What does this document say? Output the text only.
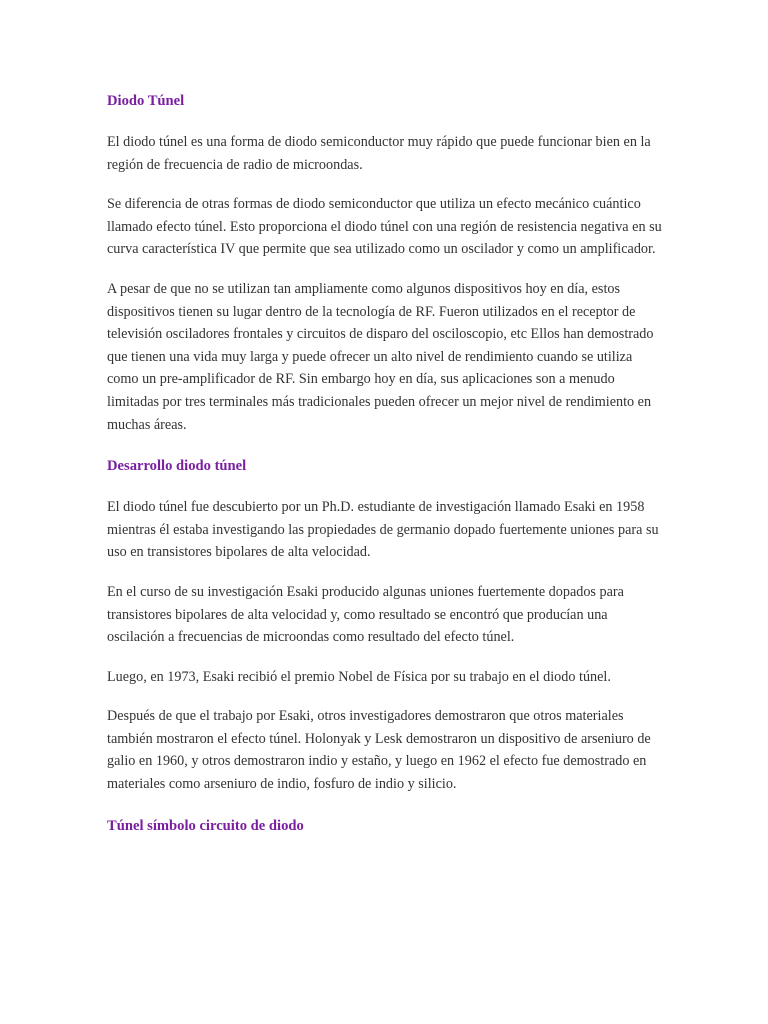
Diodo Túnel
El diodo túnel es una forma de diodo semiconductor muy rápido que puede funcionar bien en la región de frecuencia de radio de microondas.
Se diferencia de otras formas de diodo semiconductor que utiliza un efecto mecánico cuántico llamado efecto túnel. Esto proporciona el diodo túnel con una región de resistencia negativa en su curva característica IV que permite que sea utilizado como un oscilador y como un amplificador.
A pesar de que no se utilizan tan ampliamente como algunos dispositivos hoy en día, estos dispositivos tienen su lugar dentro de la tecnología de RF. Fueron utilizados en el receptor de televisión osciladores frontales y circuitos de disparo del osciloscopio, etc Ellos han demostrado que tienen una vida muy larga y puede ofrecer un alto nivel de rendimiento cuando se utiliza como un pre-amplificador de RF. Sin embargo hoy en día, sus aplicaciones son a menudo limitadas por tres terminales más tradicionales pueden ofrecer un mejor nivel de rendimiento en muchas áreas.
Desarrollo diodo túnel
El diodo túnel fue descubierto por un Ph.D. estudiante de investigación llamado Esaki en 1958 mientras él estaba investigando las propiedades de germanio dopado fuertemente uniones para su uso en transistores bipolares de alta velocidad.
En el curso de su investigación Esaki producido algunas uniones fuertemente dopados para transistores bipolares de alta velocidad y, como resultado se encontró que producían una oscilación a frecuencias de microondas como resultado del efecto túnel.
Luego, en 1973, Esaki recibió el premio Nobel de Física por su trabajo en el diodo túnel.
Después de que el trabajo por Esaki, otros investigadores demostraron que otros materiales también mostraron el efecto túnel. Holonyak y Lesk demostraron un dispositivo de arseniuro de galio en 1960, y otros demostraron indio y estaño, y luego en 1962 el efecto fue demostrado en materiales como arseniuro de indio, fosfuro de indio y silicio.
Túnel símbolo circuito de diodo
